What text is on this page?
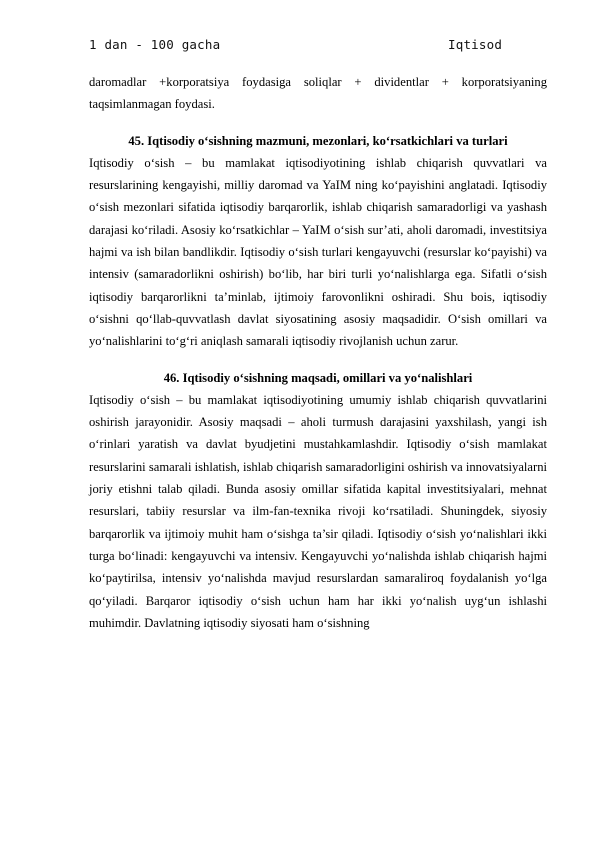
1 dan - 100 gacha	Iqtisod

daromadlar +korporatsiya foydasiga soliqlar + dividentlar + korporatsiyaning taqsimlanmagan foydasi.

45. Iqtisodiy o‘sishning mazmuni, mezonlari, ko‘rsatkichlari va turlari

Iqtisodiy o‘sish – bu mamlakat iqtisodiyotining ishlab chiqarish quvvatlari va resurslarining kengayishi, milliy daromad va YaIM ning ko‘payishini anglatadi. Iqtisodiy o‘sish mezonlari sifatida iqtisodiy barqarorlik, ishlab chiqarish samaradorligi va yashash darajasi ko‘riladi. Asosiy ko‘rsatkichlar – YaIM o‘sish sur’ati, aholi daromadi, investitsiya hajmi va ish bilan bandlikdir. Iqtisodiy o‘sish turlari kengayuvchi (resurslar ko‘payishi) va intensiv (samaradorlikni oshirish) bo‘lib, har biri turli yo‘nalishlarga ega. Sifatli o‘sish iqtisodiy barqarorlikni ta’minlab, ijtimoiy farovonlikni oshiradi. Shu bois, iqtisodiy o‘sishni qo‘llab-quvvatlash davlat siyosatining asosiy maqsadidir. O‘sish omillari va yo‘nalishlarini to‘g‘ri aniqlash samarali iqtisodiy rivojlanish uchun zarur.

46. Iqtisodiy o‘sishning maqsadi, omillari va yo‘nalishlari

Iqtisodiy o‘sish – bu mamlakat iqtisodiyotining umumiy ishlab chiqarish quvvatlarini oshirish jarayonidir. Asosiy maqsadi – aholi turmush darajasini yaxshilash, yangi ish o‘rinlari yaratish va davlat byudjetini mustahkamlashdir. Iqtisodiy o‘sish mamlakat resurslarini samarali ishlatish, ishlab chiqarish samaradorligini oshirish va innovatsiyalarni joriy etishni talab qiladi. Bunda asosiy omillar sifatida kapital investitsiyalari, mehnat resurslari, tabiiy resurslar va ilm-fan-texnika rivoji ko‘rsatiladi. Shuningdek, siyosiy barqarorlik va ijtimoiy muhit ham o‘sishga ta’sir qiladi. Iqtisodiy o‘sish yo‘nalishlari ikki turga bo‘linadi: kengayuvchi va intensiv. Kengayuvchi yo‘nalishda ishlab chiqarish hajmi ko‘paytirilsa, intensiv yo‘nalishda mavjud resurslardan samaraliroq foydalanish yo‘lga qo‘yiladi. Barqaror iqtisodiy o‘sish uchun ham har ikki yo‘nalish uyg‘un ishlashi muhimdir. Davlatning iqtisodiy siyosati ham o‘sishning
